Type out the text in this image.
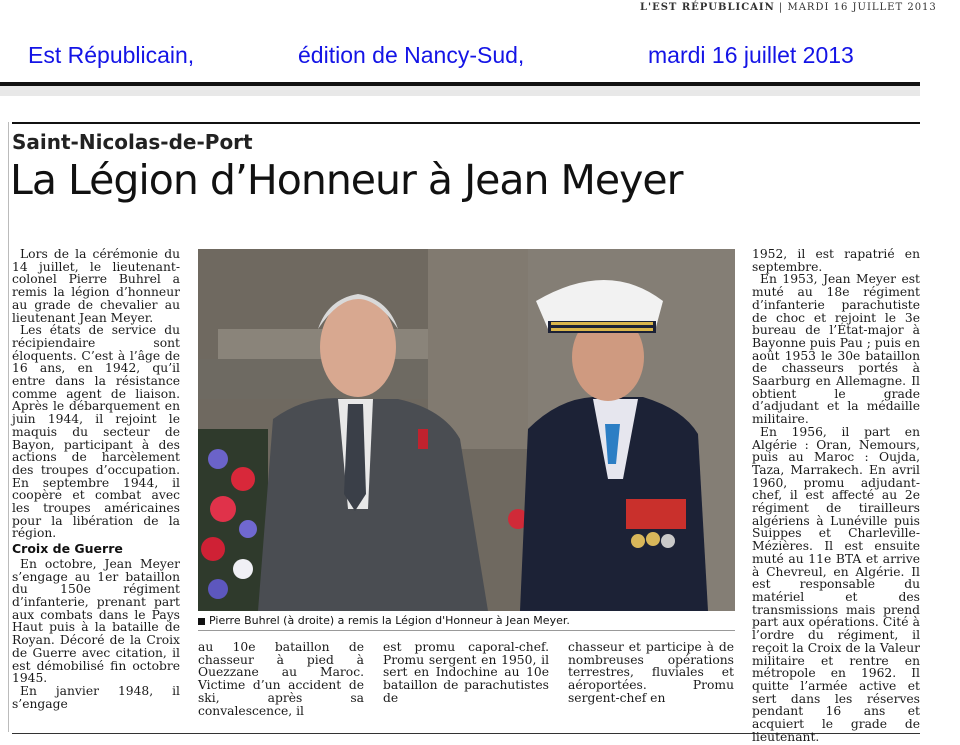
L'EST RÉPUBLICAIN | MARDI 16 JUILLET 2013
Est Républicain,	édition de Nancy-Sud,	mardi 16 juillet 2013
Saint-Nicolas-de-Port
La Légion d’Honneur à Jean Meyer

Lors de la cérémonie du 14 juillet, le lieutenant-colonel Pierre Buhrel a remis la légion d’honneur au grade de chevalier au lieutenant Jean Meyer.

Les états de service du récipiendaire sont éloquents. C’est à l’âge de 16 ans, en 1942, qu’il entre dans la résistance comme agent de liaison. Après le débarquement en juin 1944, il rejoint le maquis du secteur de Bayon, participant à des actions de harcèlement des troupes d’occupation. En septembre 1944, il coopère et combat avec les troupes américaines pour la libération de la région.

Croix de Guerre

En octobre, Jean Meyer s’engage au 1er bataillon du 150e régiment d’infanterie, prenant part aux combats dans le Pays Haut puis à la bataille de Royan. Décoré de la Croix de Guerre avec citation, il est démobilisé fin octobre 1945.

En janvier 1948, il s’engage

Pierre Buhrel (à droite) a remis la Légion d'Honneur à Jean Meyer.

au 10e bataillon de chasseur à pied à Ouezzane au Maroc. Victime d’un accident de ski, après sa convalescence, il

est promu caporal-chef. Promu sergent en 1950, il sert en Indochine au 10e bataillon de parachutistes de

chasseur et participe à de nombreuses opérations terrestres, fluviales et aéroportées. Promu sergent-chef en

1952, il est rapatrié en septembre.

En 1953, Jean Meyer est muté au 18e régiment d’infanterie parachutiste de choc et rejoint le 3e bureau de l’État-major à Bayonne puis Pau ; puis en août 1953 le 30e bataillon de chasseurs portés à Saarburg en Allemagne. Il obtient le grade d’adjudant et la médaille militaire.

En 1956, il part en Algérie : Oran, Nemours, puis au Maroc : Oujda, Taza, Marrakech. En avril 1960, promu adjudant-chef, il est affecté au 2e régiment de tirailleurs algériens à Lunéville puis Suippes et Charleville-Mézières. Il est ensuite muté au 11e BTA et arrive à Chevreul, en Algérie. Il est responsable du matériel et des transmissions mais prend part aux opérations. Cité à l’ordre du régiment, il reçoit la Croix de la Valeur militaire et rentre en métropole en 1962. Il quitte l’armée active et sert dans les réserves pendant 16 ans et acquiert le grade de lieutenant.
